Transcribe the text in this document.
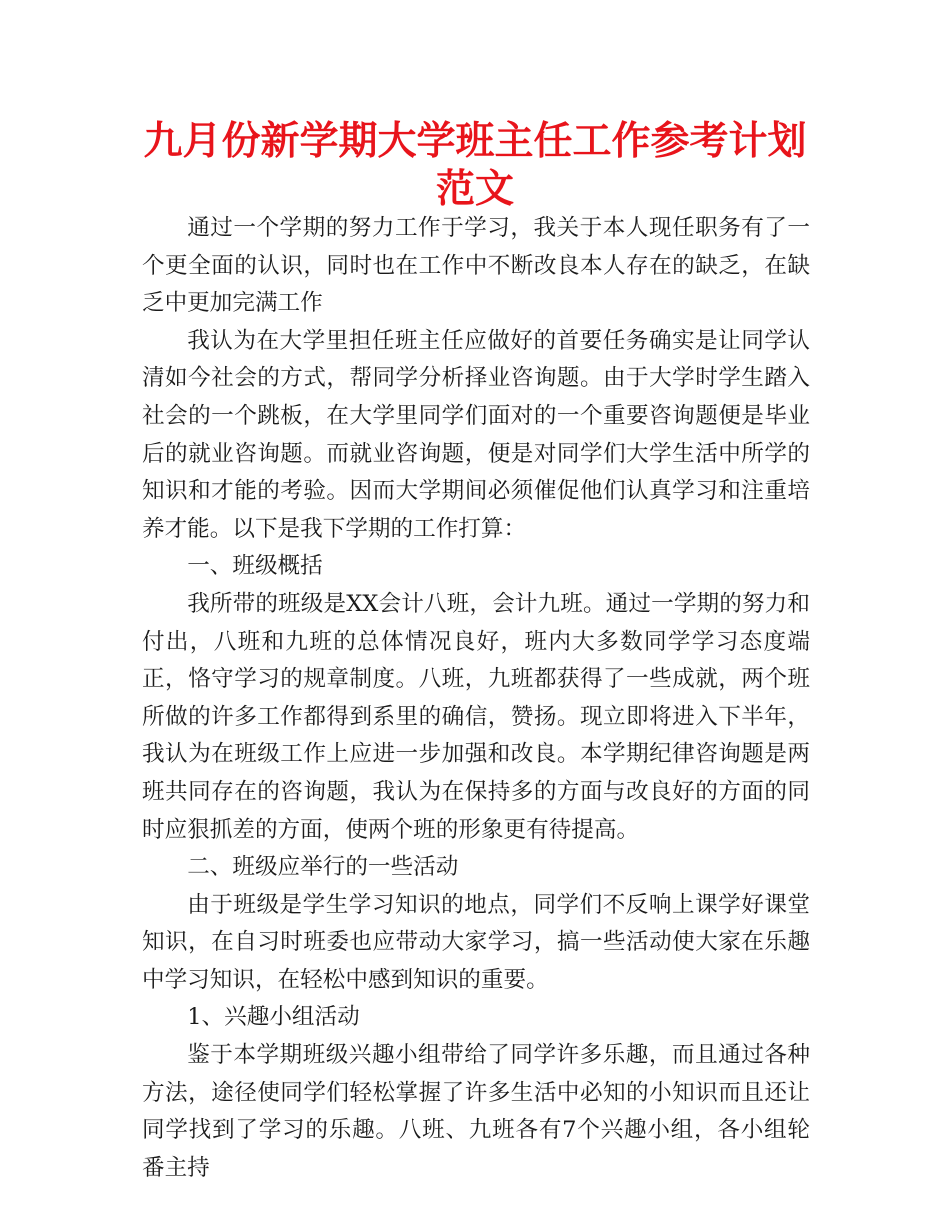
九月份新学期大学班主任工作参考计划范文

通过一个学期的努力工作于学习，我关于本人现任职务有了一个更全面的认识，同时也在工作中不断改良本人存在的缺乏，在缺乏中更加完满工作

我认为在大学里担任班主任应做好的首要任务确实是让同学认清如今社会的方式，帮同学分析择业咨询题。由于大学时学生踏入社会的一个跳板，在大学里同学们面对的一个重要咨询题便是毕业后的就业咨询题。而就业咨询题，便是对同学们大学生活中所学的知识和才能的考验。因而大学期间必须催促他们认真学习和注重培养才能。以下是我下学期的工作打算：

一、班级概括

我所带的班级是XX会计八班，会计九班。通过一学期的努力和付出，八班和九班的总体情况良好，班内大多数同学学习态度端正，恪守学习的规章制度。八班，九班都获得了一些成就，两个班所做的许多工作都得到系里的确信，赞扬。现立即将进入下半年，我认为在班级工作上应进一步加强和改良。本学期纪律咨询题是两班共同存在的咨询题，我认为在保持多的方面与改良好的方面的同时应狠抓差的方面，使两个班的形象更有待提高。

二、班级应举行的一些活动

由于班级是学生学习知识的地点，同学们不反响上课学好课堂知识，在自习时班委也应带动大家学习，搞一些活动使大家在乐趣中学习知识，在轻松中感到知识的重要。

1、兴趣小组活动

鉴于本学期班级兴趣小组带给了同学许多乐趣，而且通过各种方法，途径使同学们轻松掌握了许多生活中必知的小知识而且还让同学找到了学习的乐趣。八班、九班各有7个兴趣小组，各小组轮番主持
